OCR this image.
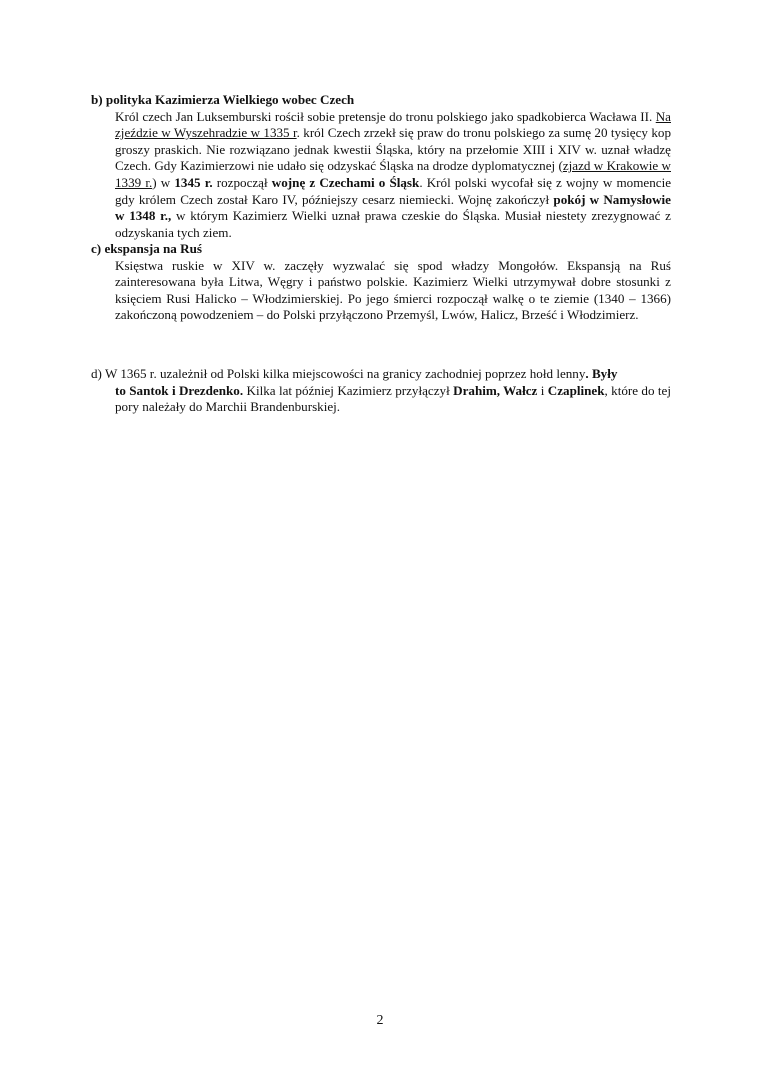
b) polityka Kazimierza Wielkiego wobec Czech
Król czech Jan Luksemburski rościł sobie pretensje do tronu polskiego jako spadkobierca Wacława II. Na zjeździe w Wyszehradzie w 1335 r. król Czech zrzekł się praw do tronu polskiego za sumę 20 tysięcy kop groszy praskich. Nie rozwiązano jednak kwestii Śląska, który na przełomie XIII i XIV w. uznał władzę Czech. Gdy Kazimierzowi nie udało się odzyskać Śląska na drodze dyplomatycznej (zjazd w Krakowie w 1339 r.) w 1345 r. rozpoczął wojnę z Czechami o Śląsk. Król polski wycofał się z wojny w momencie gdy królem Czech został Karo IV, późniejszy cesarz niemiecki. Wojnę zakończył pokój w Namysłowie w 1348 r., w którym Kazimierz Wielki uznał prawa czeskie do Śląska. Musiał niestety zrezygnować z odzyskania tych ziem.
c) ekspansja na Ruś
Księstwa ruskie w XIV w. zaczęły wyzwalać się spod władzy Mongołów. Ekspansją na Ruś zainteresowana była Litwa, Węgry i państwo polskie. Kazimierz Wielki utrzymywał dobre stosunki z księciem Rusi Halicko – Włodzimierskiej. Po jego śmierci rozpoczął walkę o te ziemie (1340 – 1366) zakończoną powodzeniem – do Polski przyłączono Przemyśl, Lwów, Halicz, Brześć i Włodzimierz.
d) W 1365 r. uzależnił od Polski kilka miejscowości na granicy zachodniej poprzez hołd lenny. Były
to Santok i Drezdenko. Kilka lat później Kazimierz przyłączył Drahim, Wałcz i Czaplinek, które do tej pory należały do Marchii Brandenburskiej.
2
